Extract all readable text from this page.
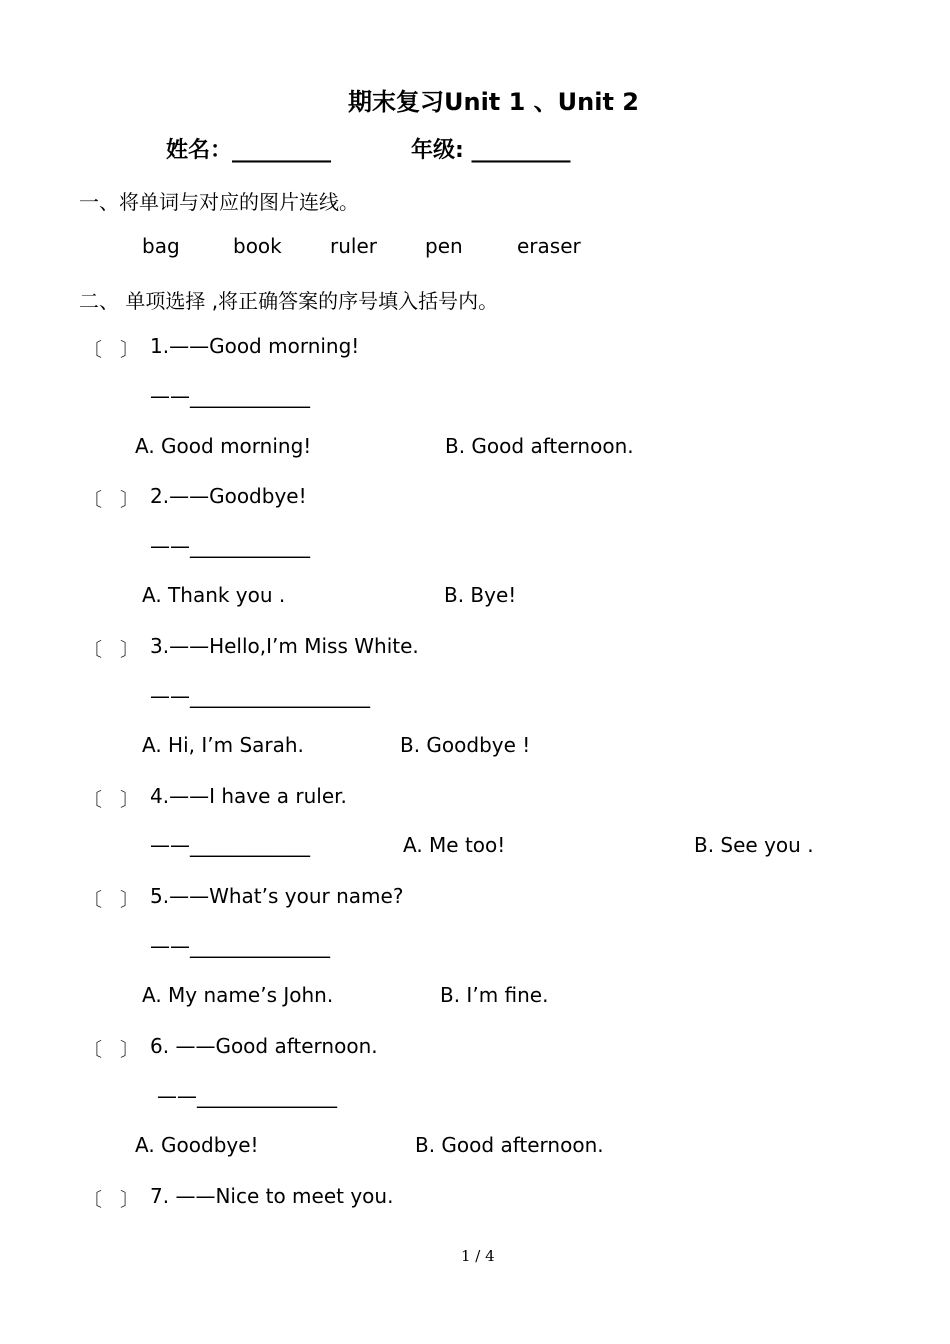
期末复习Unit 1 、Unit 2
姓名：_________	年级: _________
一、将单词与对应的图片连线。
bag	book ruler pen	eraser
二、 单项选择 ,将正确答案的序号填入括号内。
〔 〕 1.——Good morning!
——____________
A. Good morning!	B. Good afternoon.
〔 〕 2.——Goodbye!
——____________
A. Thank you .	B. Bye!
〔 〕 3.——Hello,I’m Miss White.
——__________________
A. Hi, I’m Sarah.	B. Goodbye !
〔 〕 4.——I have a ruler.
——____________	A. Me too!	B. See you .
〔 〕 5.——What’s your name?
——______________
A. My name’s John.	B. I’m fine.
〔 〕 6. ——Good afternoon.
——______________
A. Goodbye!	B. Good afternoon.
〔 〕 7. ——Nice to meet you.
1 / 4
